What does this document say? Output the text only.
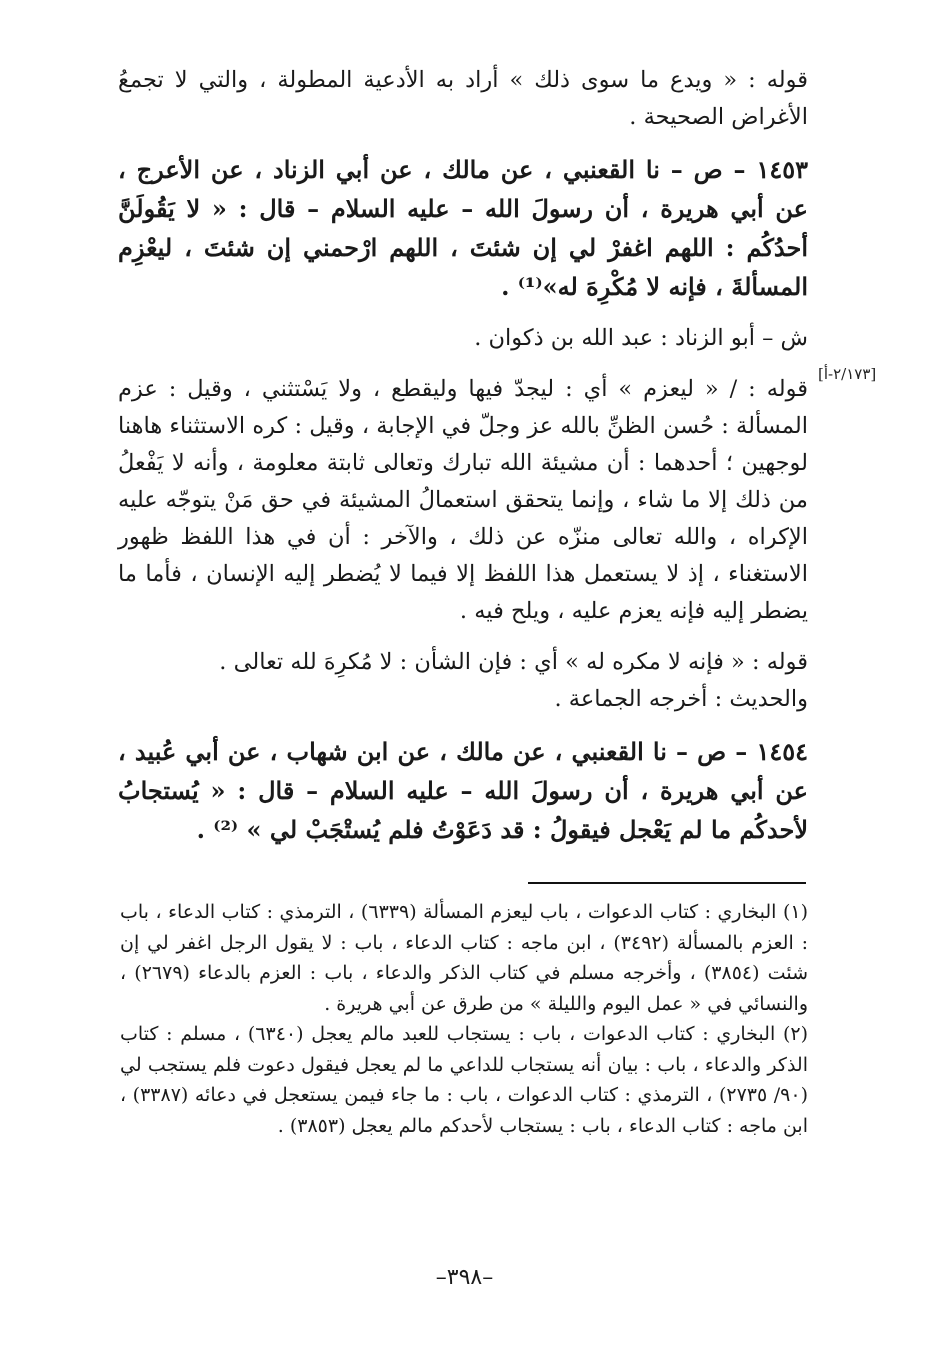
[٢/١٧٣-أ]

قوله : « ويدع ما سوى ذلك » أراد به الأدعية المطولة ، والتي لا تجمعُ الأغراض الصحيحة .

١٤٥٣ – ص – نا القعنبي ، عن مالك ، عن أبي الزناد ، عن الأعرج ، عن أبي هريرة ، أن رسولَ الله – عليه السلام – قال : « لا يَقُولَنَّ أحدُكُم : اللهم اغفرْ لي إن شئتَ ، اللهم ارْحمني إن شئتَ ، ليعْزِم المسألةَ ، فإنه لا مُكْرِهَ له»⁽¹⁾ .

ش – أبو الزناد : عبد الله بن ذكوان .

قوله : / « ليعزم » أي : ليجدّ فيها وليقطع ، ولا يَسْتثني ، وقيل : عزم المسألة : حُسن الظنِّ بالله عز وجلّ في الإجابة ، وقيل : كره الاستثناء هاهنا لوجهين ؛ أحدهما : أن مشيئة الله تبارك وتعالى ثابتة معلومة ، وأنه لا يَفْعلُ من ذلك إلا ما شاء ، وإنما يتحقق استعمالُ المشيئة في حق مَنْ يتوجّه عليه الإكراه ، والله تعالى منزّه عن ذلك ، والآخر : أن في هذا اللفظ ظهور الاستغناء ، إذ لا يستعمل هذا اللفظ إلا فيما لا يُضطر إليه الإنسان ، فأما ما يضطر إليه فإنه يعزم عليه ، ويلح فيه .

قوله : « فإنه لا مكره له » أي : فإن الشأن : لا مُكرِهَ لله تعالى .

والحديث : أخرجه الجماعة .

١٤٥٤ – ص – نا القعنبي ، عن مالك ، عن ابن شهاب ، عن أبي عُبيد ، عن أبي هريرة ، أن رسولَ الله – عليه السلام – قال : « يُستجابُ لأحدكُم ما لم يَعْجل فيقولُ : قد دَعَوْتُ فلم يُستْجَبْ لي » ⁽²⁾ .

(١) البخاري : كتاب الدعوات ، باب ليعزم المسألة (٦٣٣٩) ، الترمذي : كتاب الدعاء ، باب : العزم بالمسألة (٣٤٩٢) ، ابن ماجه : كتاب الدعاء ، باب : لا يقول الرجل اغفر لي إن شئت (٣٨٥٤) ، وأخرجه مسلم في كتاب الذكر والدعاء ، باب : العزم بالدعاء (٢٦٧٩) ، والنسائي في « عمل اليوم والليلة » من طرق عن أبي هريرة .

(٢) البخاري : كتاب الدعوات ، باب : يستجاب للعبد مالم يعجل (٦٣٤٠) ، مسلم : كتاب الذكر والدعاء ، باب : بيان أنه يستجاب للداعي ما لم يعجل فيقول دعوت فلم يستجب لي (٩٠/ ٢٧٣٥) ، الترمذي : كتاب الدعوات ، باب : ما جاء فيمن يستعجل في دعائه (٣٣٨٧) ، ابن ماجه : كتاب الدعاء ، باب : يستجاب لأحدكم مالم يعجل (٣٨٥٣) .

–٣٩٨–
